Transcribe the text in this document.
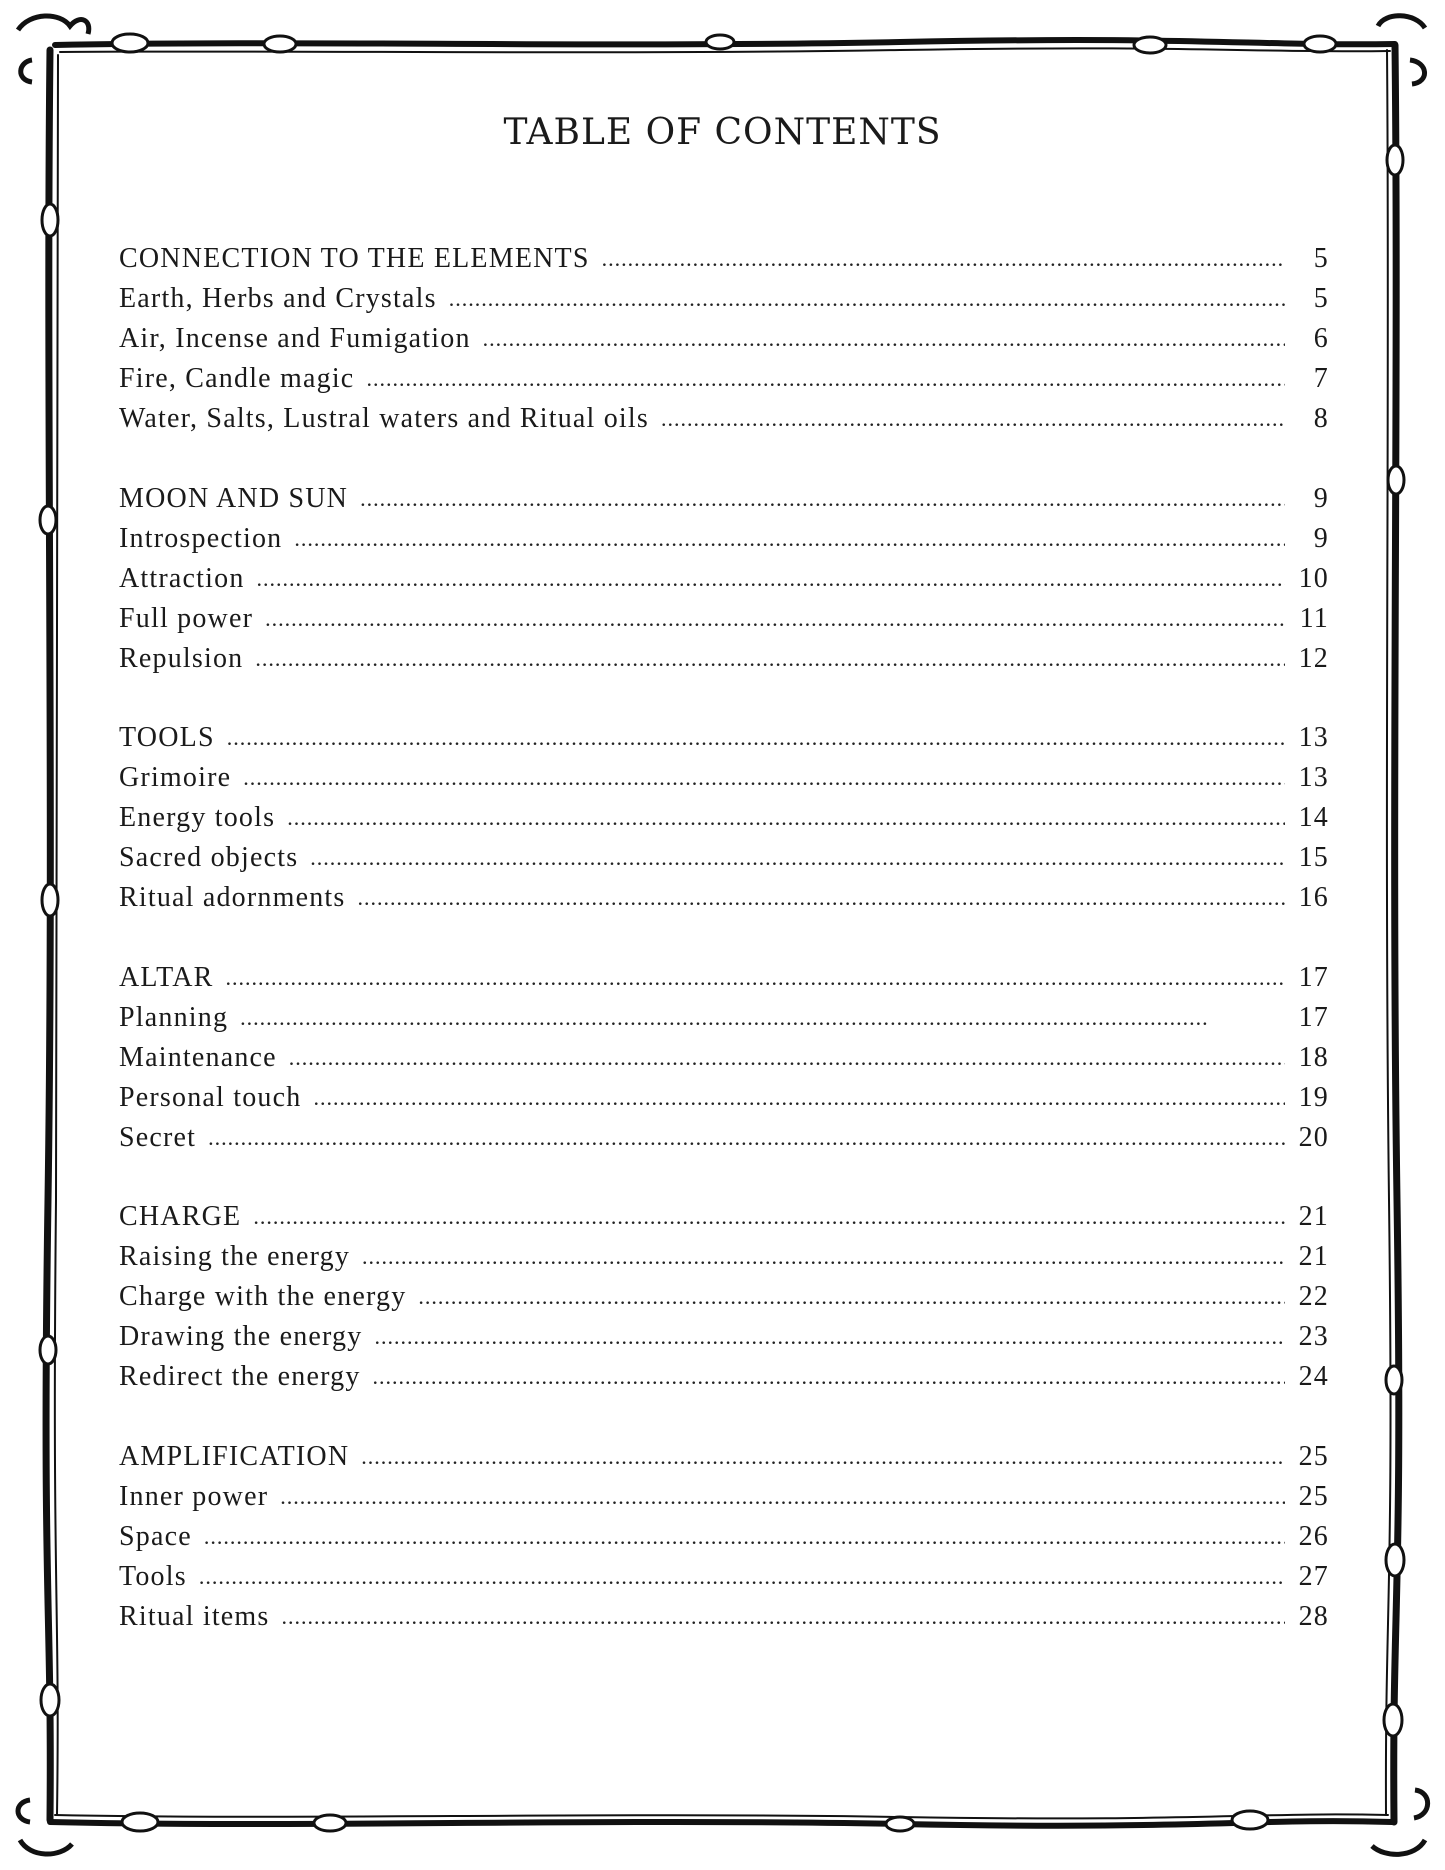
TABLE OF CONTENTS
CONNECTION TO THE ELEMENTS .....	5
Earth, Herbs and Crystals .....	5
Air, Incense and Fumigation .....	6
Fire, Candle magic .....	7
Water, Salts, Lustral waters and Ritual oils .....	8
MOON AND SUN .....	9
Introspection .....	9
Attraction .....	10
Full power .....	11
Repulsion .....	12
TOOLS .....	13
Grimoire .....	13
Energy tools .....	14
Sacred objects .....	15
Ritual adornments .....	16
ALTAR .....	17
Planning .....	17
Maintenance .....	18
Personal touch .....	19
Secret .....	20
CHARGE .....	21
Raising the energy .....	21
Charge with the energy .....	22
Drawing the energy .....	23
Redirect the energy .....	24
AMPLIFICATION .....	25
Inner power .....	25
Space .....	26
Tools .....	27
Ritual items .....	28
